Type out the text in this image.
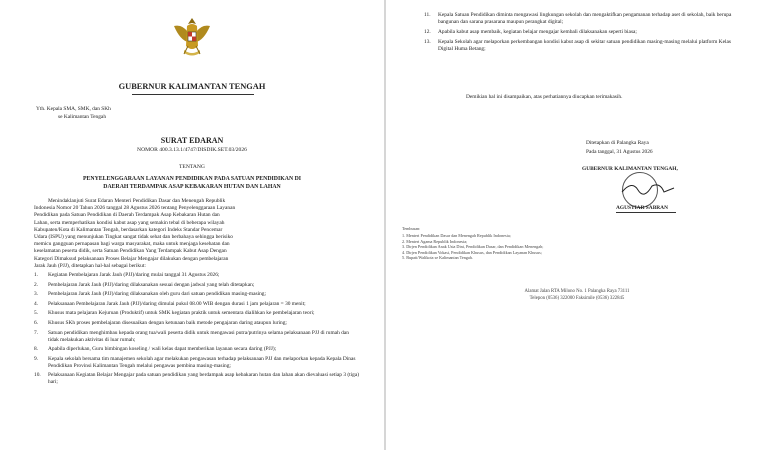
GUBERNUR KALIMANTAN TENGAH
Yth. Kepala SMA, SMK, dan SKh
se Kalimantan Tengah
SURAT EDARAN
NOMOR 400.3.13.1/4747/DISDIK.SET.03/2026
TENTANG
PENYELENGGARAAN LAYANAN PENDIDIKAN PADA SATUAN PENDIDIKAN DI
DAERAH TERDAMPAK ASAP KEBAKARAN HUTAN DAN LAHAN
Menindaklanjuti Surat Edaran Menteri Pendidikan Dasar dan Menengah Republik
Indonesia Nomor 20 Tahun 2026 tanggal 28 Agustus 2026 tentang Penyelenggaraan Layanan
Pendidikan pada Satuan Pendidikan di Daerah Terdampak Asap Kebakaran Hutan dan
Lahan, serta memperhatikan kondisi kabut asap yang semakin tebal di beberapa wilayah
Kabupaten/Kota di Kalimantan Tengah, berdasarkan kategori Indeks Standar Pencemar
Udara (ISPU) yang menunjukan Tingkat sangat tidak sehat dan berbahaya sehingga berisiko
memicu gangguan pernapasan bagi warga masyarakat, maka untuk menjaga kesehatan dan
keselamatan peserta didik, serta Satuan Pendidikan Yang Terdampak Kabut Asap Dengan
Kategori Dimaksud pelaksanaan Proses Belajar Mengajar dilakukan dengan pembelajaran
Jarak Jauh (PJJ), ditetapkan hal-hal sebagai berikut:
1. Kegiatan Pembelajaran Jarak Jauh (PJJ)/daring mulai tanggal 31 Agustus 2026;
2. Pembelajaran Jarak Jauh (PJJ)/daring dilaksanakan sesuai dengan jadwal yang telah ditetapkan;
3. Pembelajaran Jarak Jauh (PJJ)/daring dilaksanakan oleh guru dari satuan pendidikan masing-masing;
4. Pelaksanaan Pembelajaran Jarak Jauh (PJJ)/daring dimulai pukul 08.00 WIB dengan durasi 1 jam pelajaran = 30 menit;
5. Khusus mata pelajaran Kejuruan (Produktif) untuk SMK kegiatan praktik untuk sementara dialihkan ke pembelajaran teori;
6. Khusus SKh proses pembelajaran disesuaikan dengan ketunaan baik metode pengajaran daring ataupun luring;
7. Satuan pendidikan menghimbau kepada orang tua/wali peserta didik untuk mengawasi putra/putrinya selama pelaksanaan PJJ di rumah dan tidak melakukan aktivitas di luar rumah;
8. Apabila diperlukan, Guru bimbingan koseling / wali kelas dapat memberikan layanan secara daring (PJJ);
9. Kepala sekolah bersama tim manajemen sekolah agar melakukan pengawasan terhadap pelaksanaan PJJ dan melaporkan kepada Kepala Dinas Pendidikan Provinsi Kalimantan Tengah melalui pengawas pembina masing-masing;
10. Pelaksanaan Kegiatan Belajar Mengajar pada satuan pendidikan yang berdampak asap kebakaran hutan dan lahan akan dievaluasi setiap 3 (tiga) hari;
11. Kepala Satuan Pendidikan diminta mengawasi lingkungan sekolah dan mengaktifkan pengamanan terhadap aset di sekolah, baik berupa bangunan dan sarana prasarana maupun perangkat digital;
12. Apabila kabut asap membaik, kegiatan belajar mengajar kembali dilaksanakan seperti biasa;
13. Kepala Sekolah agar melaporkan perkembangan kondisi kabut asap di sekitar satuan pendidikan masing-masing melalui platform Kelas Digital Huma Betang;
Demikian hal ini disampaikan, atas perhatiannya diucapkan terimakasih.
Ditetapkan di Palangka Raya
Pada tanggal, 31 Agustus 2026
GUBERNUR KALIMANTAN TENGAH,
AGUSTIAR SABRAN
Tembusan:
1. Menteri Pendidikan Dasar dan Menengah Republik Indonesia;
2. Menteri Agama Republik Indonesia;
3. Dirjen Pendidikan Anak Usia Dini, Pendidikan Dasar, dan Pendidikan Menengah;
4. Dirjen Pendidikan Vokasi, Pendidikan Khusus, dan Pendidikan Layanan Khusus;
5. Bupati/Walikota se Kalimantan Tengah.
Alamat Jalan RTA Milono No. 1 Palangka Raya 73111
Telepon (0536) 322000 Faksimile (0536) 322845
